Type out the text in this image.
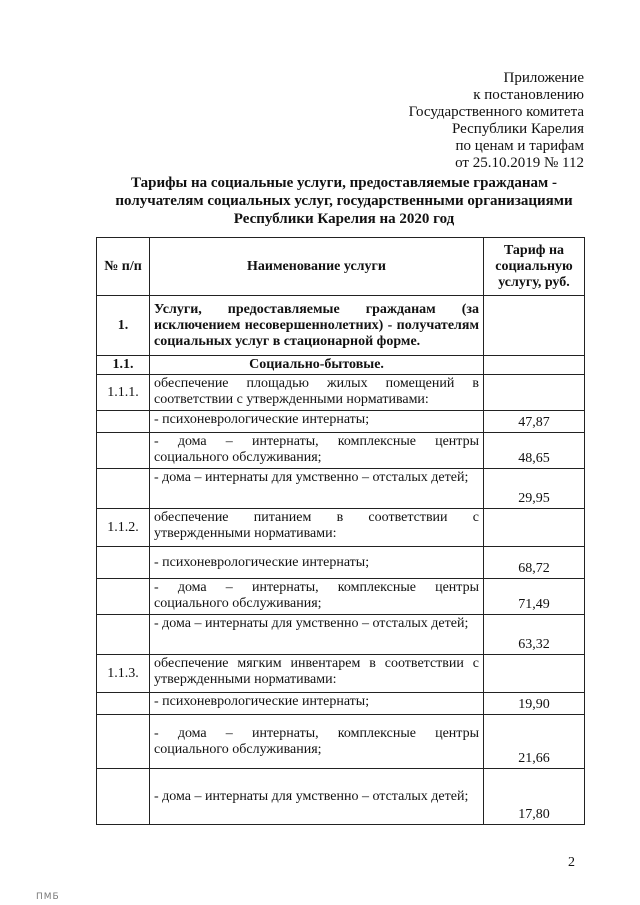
Приложение
к постановлению
Государственного комитета
Республики Карелия
по ценам и тарифам
от 25.10.2019 № 112
Тарифы на социальные услуги, предоставляемые гражданам -
получателям социальных услуг, государственными организациями
Республики Карелия на 2020 год
№ п/п	Наименование услуги	Тариф на социальную услугу, руб.
1.	Услуги, предоставляемые гражданам (за исключением несовершеннолетних) - получателям социальных услуг в стационарной форме.	
1.1.	Социально-бытовые.	
1.1.1.	обеспечение площадью жилых помещений в соответствии с утвержденными нормативами:	
	- психоневрологические интернаты;	47,87
	- дома – интернаты, комплексные центры социального обслуживания;	48,65
	- дома – интернаты для умственно – отсталых детей;	29,95
1.1.2.	обеспечение питанием в соответствии с утвержденными нормативами:	
	- психоневрологические интернаты;	68,72
	- дома – интернаты, комплексные центры социального обслуживания;	71,49
	- дома – интернаты для умственно – отсталых детей;	63,32
1.1.3.	обеспечение мягким инвентарем в соответствии с утвержденными нормативами:	
	- психоневрологические интернаты;	19,90
	- дома – интернаты, комплексные центры социального обслуживания;	21,66
	- дома – интернаты для умственно – отсталых детей;	17,80
2
ПМБ
